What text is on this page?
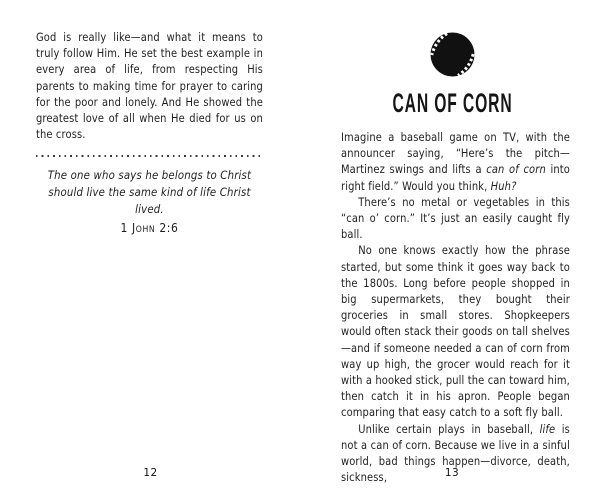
God is really like—and what it means to truly follow Him. He set the best example in every area of life, from respecting His parents to making time for prayer to caring for the poor and lonely. And He showed the greatest love of all when He died for us on the cross.

The one who says he belongs to Christ should live the same kind of life Christ lived.

1 John 2:6

12
CAN OF CORN

Imagine a baseball game on TV, with the announcer saying, “Here’s the pitch—Martinez swings and lifts a can of corn into right field.” Would you think, Huh?

There’s no metal or vegetables in this “can o’ corn.” It’s just an easily caught fly ball.

No one knows exactly how the phrase started, but some think it goes way back to the 1800s. Long before people shopped in big supermarkets, they bought their groceries in small stores. Shopkeepers would often stack their goods on tall shelves—and if someone needed a can of corn from way up high, the grocer would reach for it with a hooked stick, pull the can toward him, then catch it in his apron. People began comparing that easy catch to a soft fly ball.

Unlike certain plays in baseball, life is not a can of corn. Because we live in a sinful world, bad things happen—divorce, death, sickness,	13
